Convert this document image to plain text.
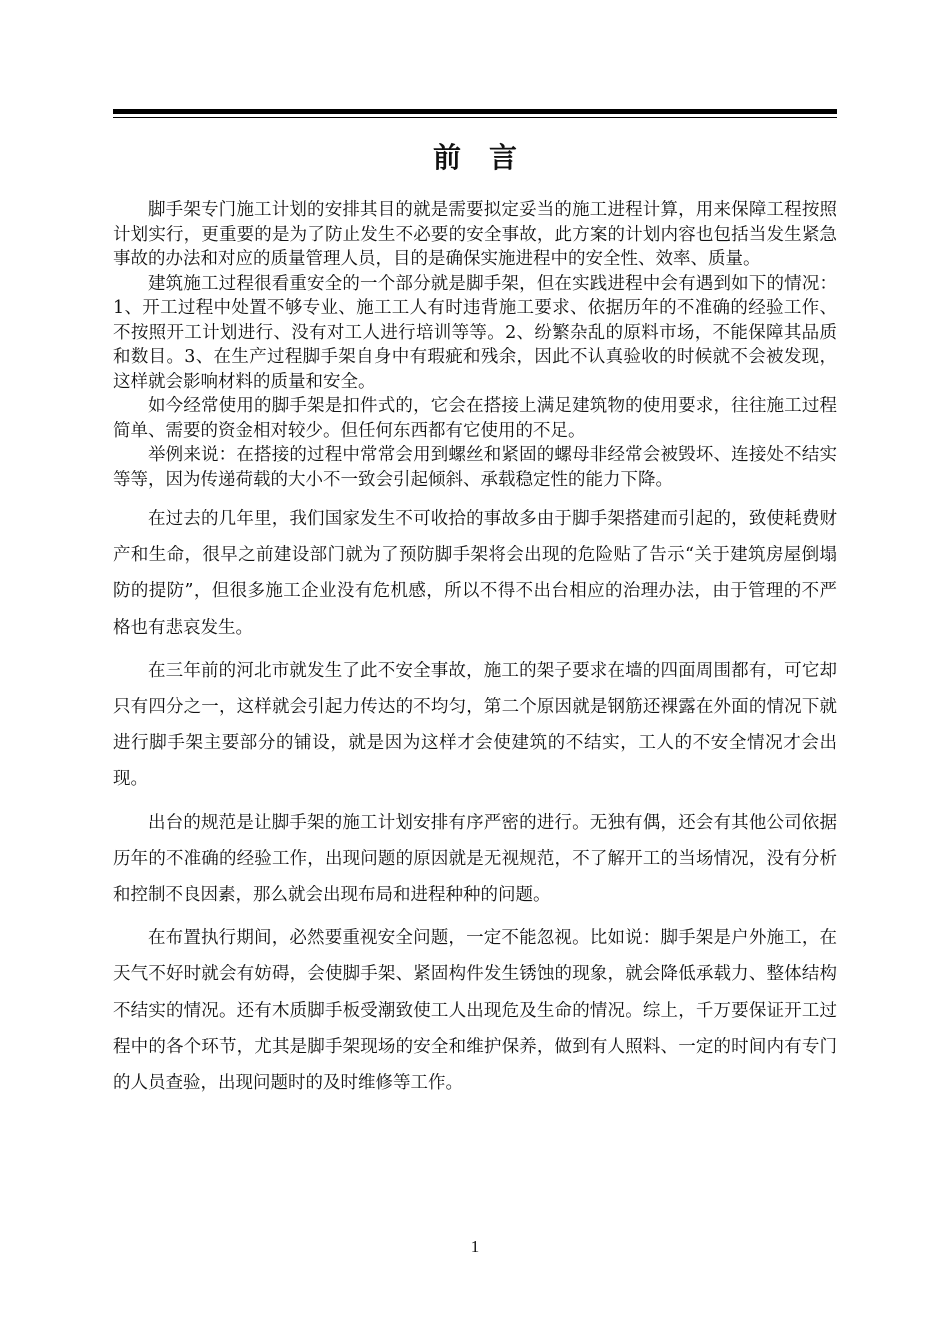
前言

脚手架专门施工计划的安排其目的就是需要拟定妥当的施工进程计算，用来保障工程按照计划实行，更重要的是为了防止发生不必要的安全事故，此方案的计划内容也包括当发生紧急事故的办法和对应的质量管理人员，目的是确保实施进程中的安全性、效率、质量。

建筑施工过程很看重安全的一个部分就是脚手架，但在实践进程中会有遇到如下的情况：1、开工过程中处置不够专业、施工工人有时违背施工要求、依据历年的不准确的经验工作、不按照开工计划进行、没有对工人进行培训等等。2、纷繁杂乱的原料市场，不能保障其品质和数目。3、在生产过程脚手架自身中有瑕疵和残余，因此不认真验收的时候就不会被发现，这样就会影响材料的质量和安全。

如今经常使用的脚手架是扣件式的，它会在搭接上满足建筑物的使用要求，往往施工过程简单、需要的资金相对较少。但任何东西都有它使用的不足。

举例来说：在搭接的过程中常常会用到螺丝和紧固的螺母非经常会被毁坏、连接处不结实等等，因为传递荷载的大小不一致会引起倾斜、承载稳定性的能力下降。

在过去的几年里，我们国家发生不可收拾的事故多由于脚手架搭建而引起的，致使耗费财产和生命，很早之前建设部门就为了预防脚手架将会出现的危险贴了告示“关于建筑房屋倒塌防的提防”，但很多施工企业没有危机感，所以不得不出台相应的治理办法，由于管理的不严格也有悲哀发生。

在三年前的河北市就发生了此不安全事故，施工的架子要求在墙的四面周围都有，可它却只有四分之一，这样就会引起力传达的不均匀，第二个原因就是钢筋还裸露在外面的情况下就进行脚手架主要部分的铺设，就是因为这样才会使建筑的不结实，工人的不安全情况才会出现。

出台的规范是让脚手架的施工计划安排有序严密的进行。无独有偶，还会有其他公司依据历年的不准确的经验工作，出现问题的原因就是无视规范，不了解开工的当场情况，没有分析和控制不良因素，那么就会出现布局和进程种种的问题。

在布置执行期间，必然要重视安全问题，一定不能忽视。比如说：脚手架是户外施工，在天气不好时就会有妨碍，会使脚手架、紧固构件发生锈蚀的现象，就会降低承载力、整体结构不结实的情况。还有木质脚手板受潮致使工人出现危及生命的情况。综上，千万要保证开工过程中的各个环节，尤其是脚手架现场的安全和维护保养，做到有人照料、一定的时间内有专门的人员查验，出现问题时的及时维修等工作。

1
